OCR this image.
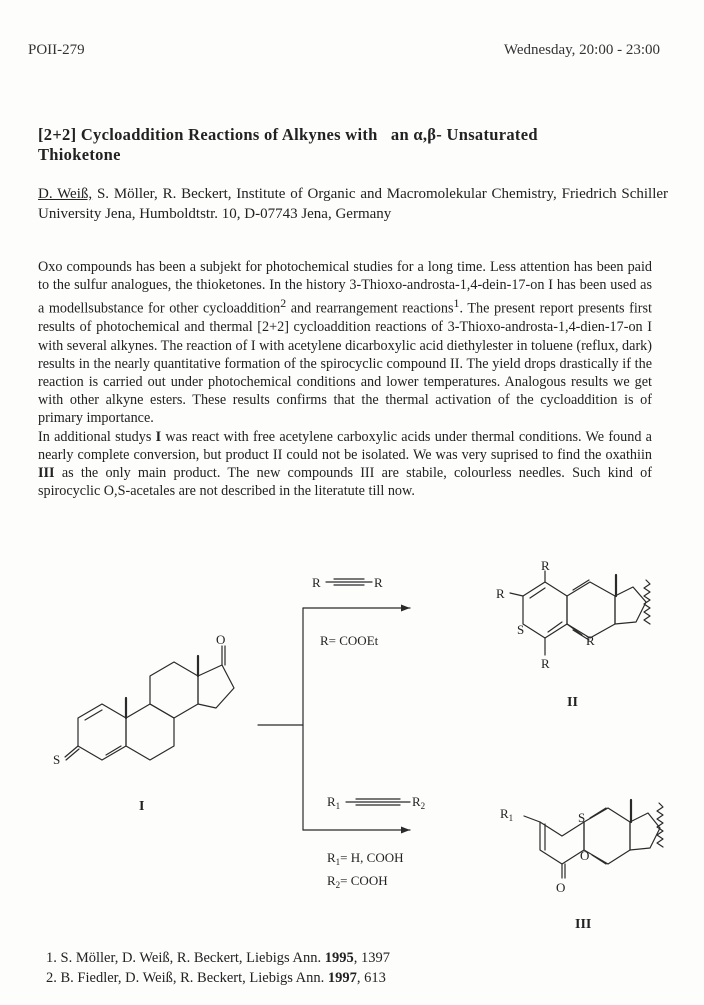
POII-279	Wednesday, 20:00 - 23:00
[2+2] Cycloaddition Reactions of Alkynes with an α,β- Unsaturated
Thioketone
D. Weiß, S. Möller, R. Beckert, Institute of Organic and Macromolekular Chemistry, Friedrich Schiller University Jena, Humboldtstr. 10, D-07743 Jena, Germany

Oxo compounds has been a subjekt for photochemical studies for a long time. Less attention has been paid to the sulfur analogues, the thioketones. In the history 3-Thioxo-androsta-1,4-dein-17-on I has been used as a modellsubstance for other cycloaddition$^2$ and rearrangement reactions$^1$. The present report presents first results of photochemical and thermal [2+2] cycloaddition reactions of 3-Thioxo-androsta-1,4-dien-17-on I with several alkynes. The reaction of I with acetylene dicarboxylic acid diethylester in toluene (reflux, dark) results in the nearly quantitative formation of the spirocyclic compound II. The yield drops drastically if the reaction is carried out under photochemical conditions and lower temperatures. Analogous results we get with other alkyne esters. These results confirms that the thermal activation of the cycloaddition is of primary importance.

In additional studys I was react with free acetylene carboxylic acids under thermal conditions. We found a nearly complete conversion, but product II could not be isolated. We was very suprised to find the oxathiin III as the only main product. The new compounds III are stabile, colourless needles. Such kind of spirocyclic O,S-acetales are not described in the literatute till now.

S
O
R
R
S
R
R
S
O
O
$R_1$
R	R
R= COOEt
$R_1$	$R_2$
$R_1= H$, COOH
$R_2=$ COOH
I
II
III
1. S. Möller, D. Weiß, R. Beckert, Liebigs Ann. 1995, 1397
2. B. Fiedler, D. Weiß, R. Beckert, Liebigs Ann. 1997, 613
